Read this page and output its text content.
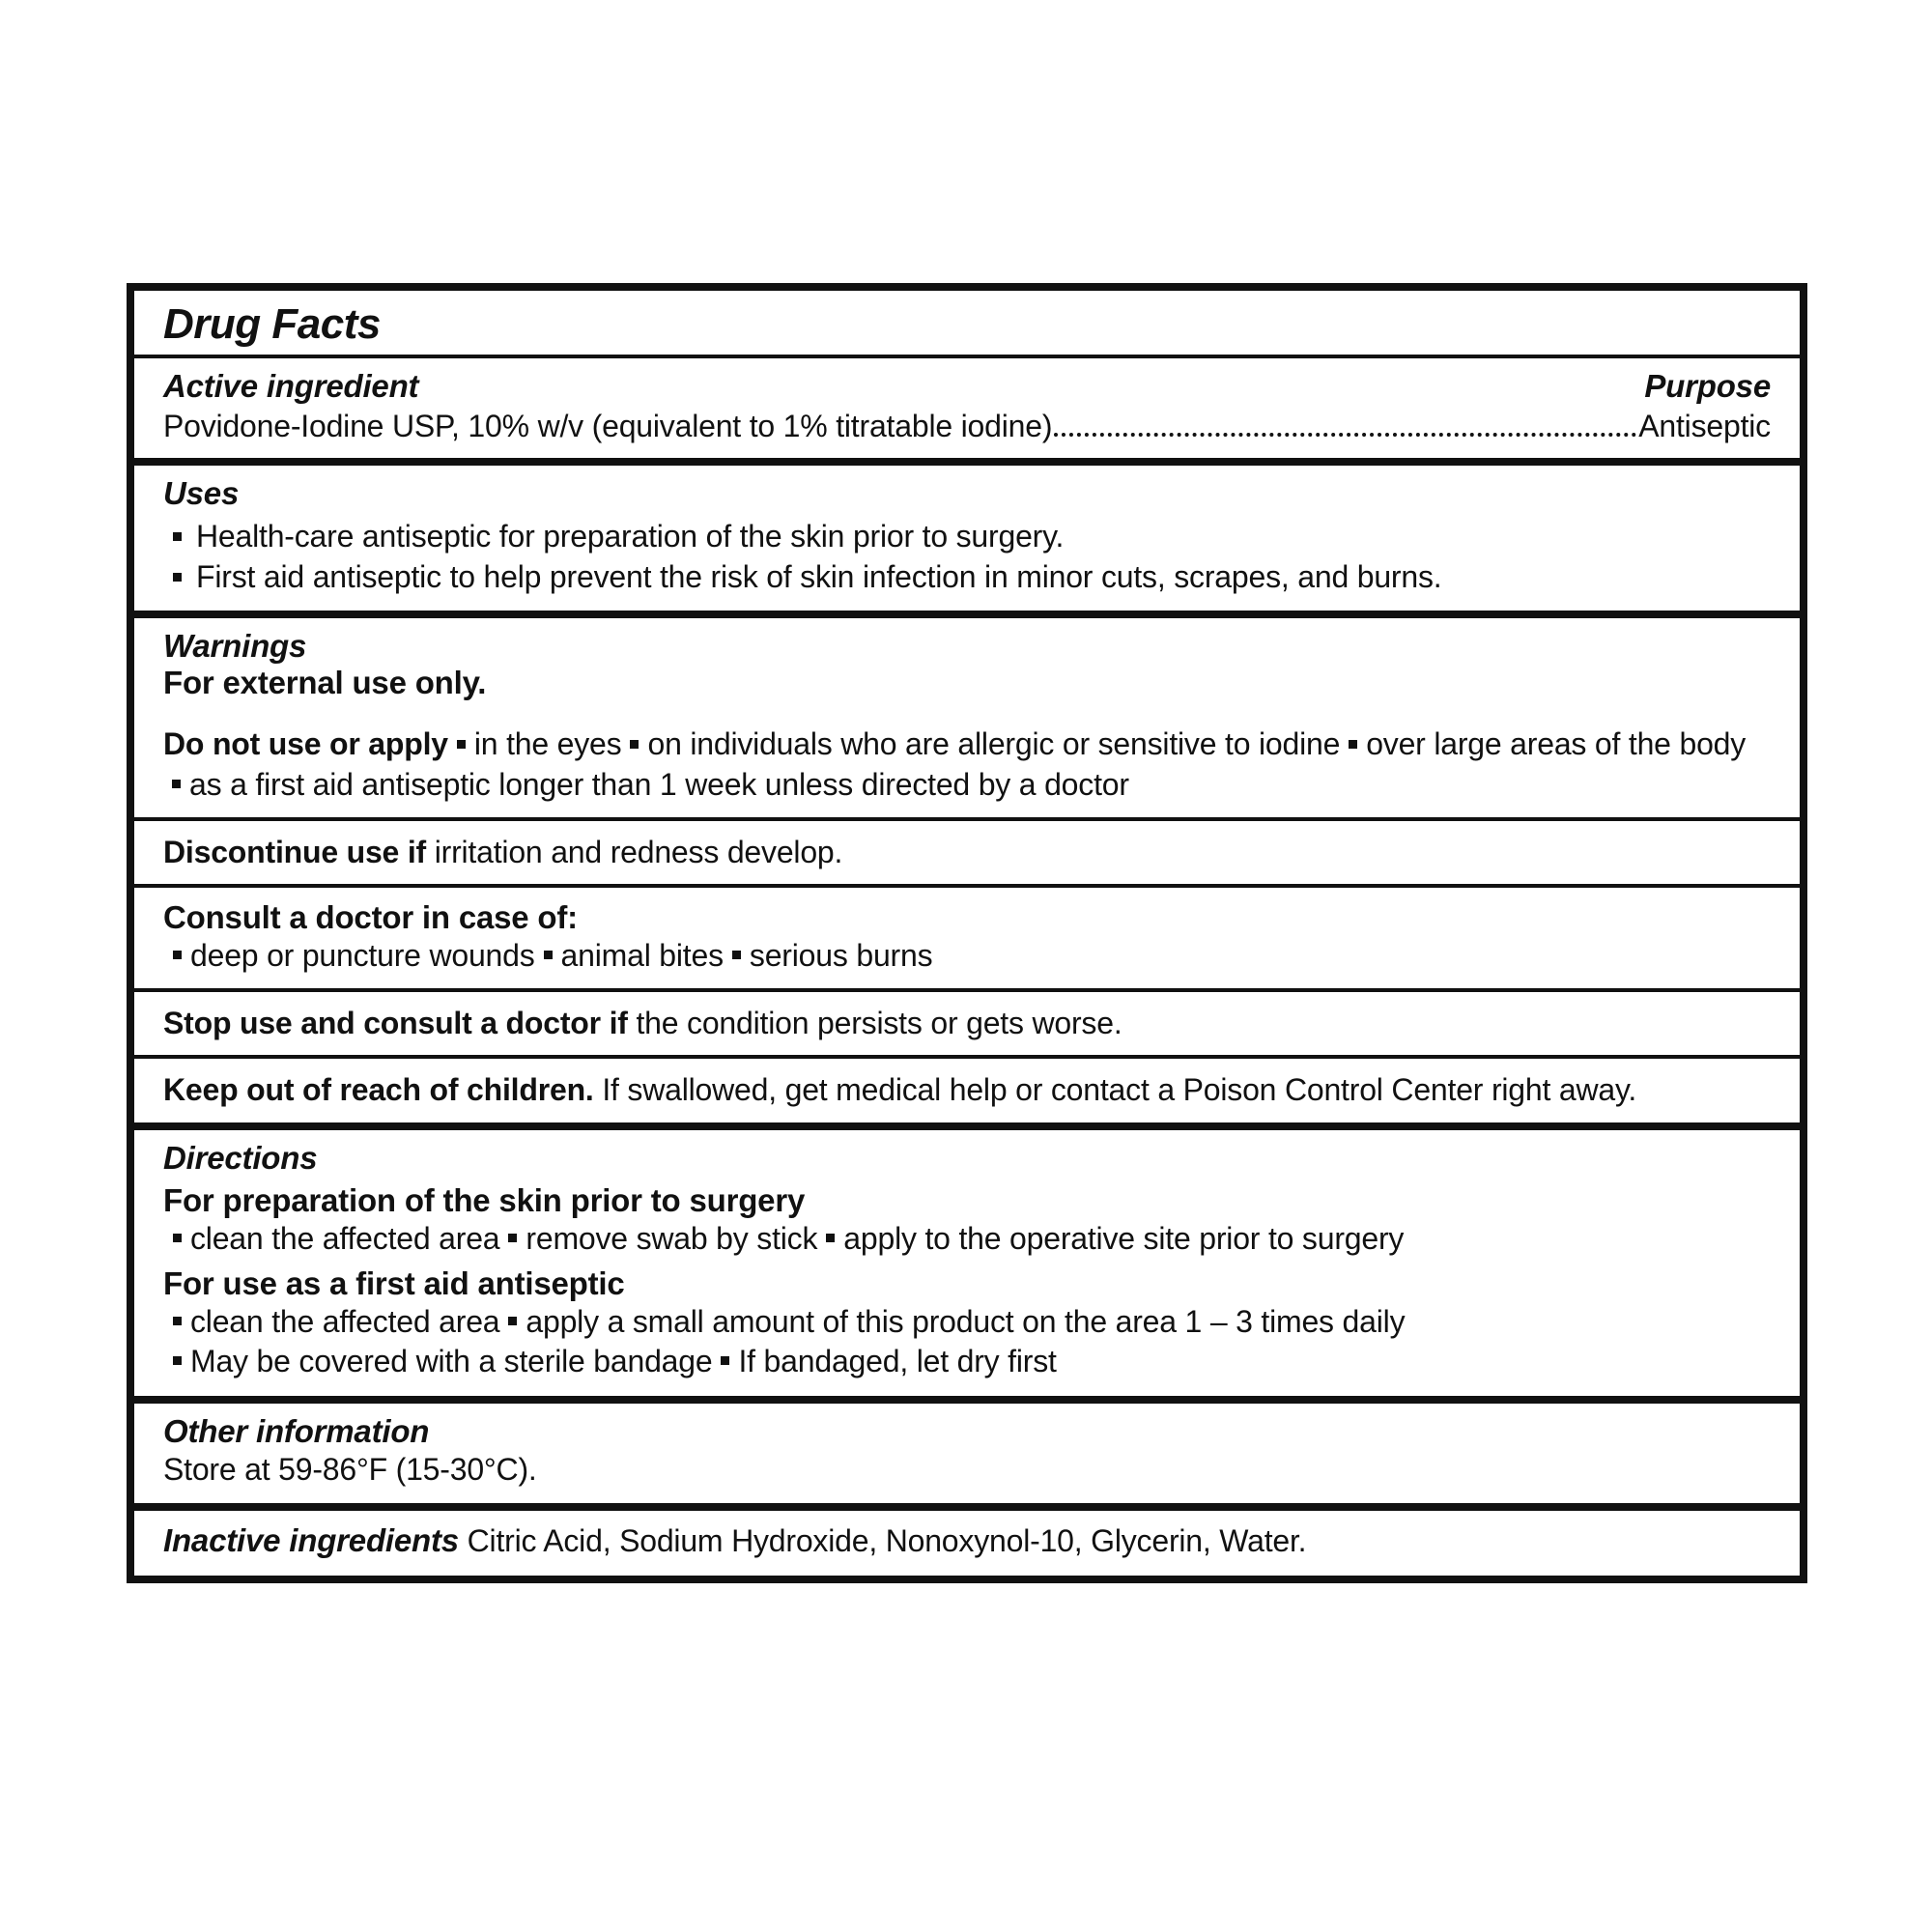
Drug Facts
Active ingredient	Purpose
Povidone-Iodine USP, 10% w/v (equivalent to 1% titratable iodine)	Antiseptic
Uses
Health-care antiseptic for preparation of the skin prior to surgery.
First aid antiseptic to help prevent the risk of skin infection in minor cuts, scrapes, and burns.
Warnings
For external use only.
Do not use or apply in the eyes on individuals who are allergic or sensitive to iodine over large areas of the bodyas a first aid antiseptic longer than 1 week unless directed by a doctor
Discontinue use if irritation and redness develop.
Consult a doctor in case of:
deep or puncture wounds animal bites serious burns
Stop use and consult a doctor if the condition persists or gets worse.
Keep out of reach of children. If swallowed, get medical help or contact a Poison Control Center right away.
Directions
For preparation of the skin prior to surgery
clean the affected area remove swab by stick apply to the operative site prior to surgery
For use as a first aid antiseptic
clean the affected area apply a small amount of this product on the area 1 – 3 times daily
May be covered with a sterile bandage If bandaged, let dry first
Other information
Store at 59-86°F (15-30°C).
Inactive ingredients Citric Acid, Sodium Hydroxide, Nonoxynol-10, Glycerin, Water.
